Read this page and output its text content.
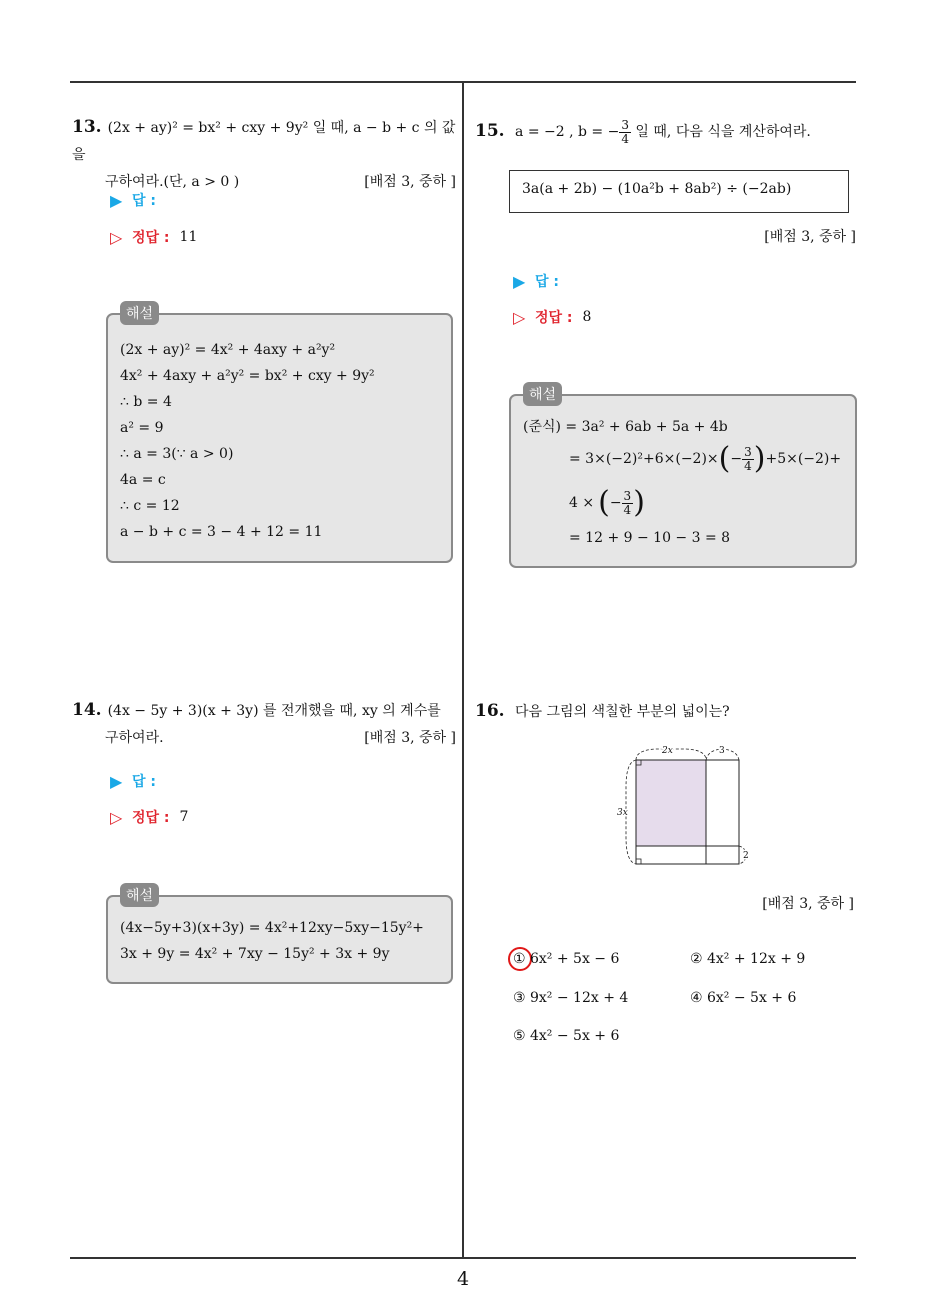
13. (2x + ay)² = bx² + cxy + 9y² 일 때, a − b + c 의 값을
구하여라.(단, a > 0 )	[배점 3, 중하 ]
▶ 답 :
▷ 정답 : 11
해설
(2x + ay)² = 4x² + 4axy + a²y²
4x² + 4axy + a²y² = bx² + cxy + 9y²
∴ b = 4
a² = 9
∴ a = 3(∵ a > 0)
4a = c
∴ c = 12
a − b + c = 3 − 4 + 12 = 11
14. (4x − 5y + 3)(x + 3y) 를 전개했을 때, xy 의 계수를
구하여라.	[배점 3, 중하 ]
▶ 답 :
▷ 정답 : 7
해설
(4x−5y+3)(x+3y) = 4x²+12xy−5xy−15y²+
3x + 9y = 4x² + 7xy − 15y² + 3x + 9y
15. a = −2 , b = − $\frac{3}{4}$ 일 때, 다음 식을 계산하여라.
3a(a + 2b) − (10a²b + 8ab²) ÷ (−2ab)
[배점 3, 중하 ]
▶ 답 :
▷ 정답 : 8
해설
(준식) = 3a² + 6ab + 5a + 4b
= 3×(−2)²+6×(−2)× ( − $\frac{3}{4}$ ) +5×(−2)+
4 × ( − $\frac{3}{4}$ )
= 12 + 9 − 10 − 3 = 8
16. 다음 그림의 색칠한 부분의 넓이는?
2x	3
3x
2
[배점 3, 중하 ]
① 6x² + 5x − 6	② 4x² + 12x + 9
③ 9x² − 12x + 4	④ 6x² − 5x + 6
⑤ 4x² − 5x + 6
4
